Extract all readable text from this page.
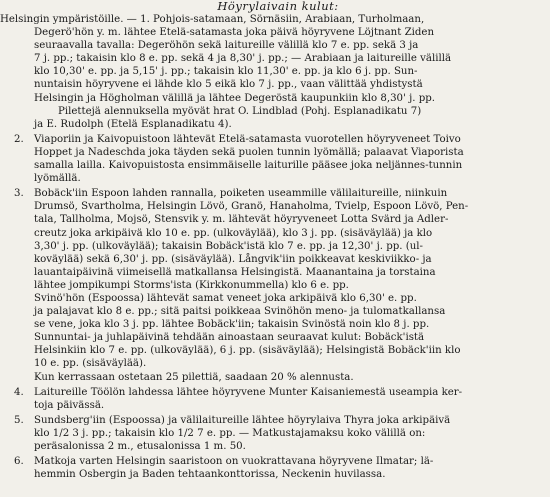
Höyrylaivain kulut:
Helsingin ympäristöille. — 1. Pohjois-satamaan, Sörnäsiin, Arabiaan, Turholmaan,
Degerö'hön y. m. lähtee Etelä-satamasta joka päivä höyryvene Löjtnant Ziden
seuraavalla tavalla: Degeröhön sekä laitureille välillä klo 7 e. pp. sekä 3 ja
7 j. pp.; takaisin klo 8 e. pp. sekä 4 ja 8,30' j. pp.; — Arabiaan ja laitureille välillä
klo 10,30' e. pp. ja 5,15' j. pp.; takaisin klo 11,30' e. pp. ja klo 6 j. pp. Sun-
nuntaisin höyryvene ei lähde klo 5 eikä klo 7 j. pp., vaan välittää yhdistystä
Helsingin ja Högholman välillä ja lähtee Degeröstä kaupunkiin klo 8,30' j. pp.
Pilettejä alennuksella myövät hrat O. Lindblad (Pohj. Esplanadikatu 7)
ja E. Rudolph (Etelä Esplanadikatu 4).
2. Viaporiin ja Kaivopuistoon lähtevät Etelä-satamasta vuorotellen höyryveneet Toivo
Hoppet ja Nadeschda joka täyden sekä puolen tunnin lyömällä; palaavat Viaporista
samalla lailla. Kaivopuistosta ensimmäiselle laiturille pääsee joka neljännes-tunnin
lyömällä.
3. Bobäck'iin Espoon lahden rannalla, poiketen useammille välilaitureille, niinkuin
Drumsö, Svartholma, Helsingin Lövö, Granö, Hanaholma, Tvielp, Espoon Lövö, Pen-
tala, Tallholma, Mojsö, Stensvik y. m. lähtevät höyryveneet Lotta Svärd ja Adler-
creutz joka arkipäivä klo 10 e. pp. (ulkoväylää), klo 3 j. pp. (sisäväylää) ja klo
3,30' j. pp. (ulkoväylää); takaisin Bobäck'istä klo 7 e. pp. ja 12,30' j. pp. (ul-
koväylää) sekä 6,30' j. pp. (sisäväylää). Långvik'iin poikkeavat keskiviikko- ja
lauantaipäivinä viimeisellä matkallansa Helsingistä. Maanantaina ja torstaina
lähtee jompikumpi Storms'ista (Kirkkonummella) klo 6 e. pp.
Svinö'hön (Espoossa) lähtevät samat veneet joka arkipäivä klo 6,30' e. pp.
ja palajavat klo 8 e. pp.; sitä paitsi poikkeaa Svinöhön meno- ja tulomatkallansa
se vene, joka klo 3 j. pp. lähtee Bobäck'iin; takaisin Svinöstä noin klo 8 j. pp.
Sunnuntai- ja juhlapäivinä tehdään ainoastaan seuraavat kulut: Bobäck'istä
Helsinkiin klo 7 e. pp. (ulkoväylää), 6 j. pp. (sisäväylää); Helsingistä Bobäck'iin klo
10 e. pp. (sisäväylää).
Kun kerrassaan ostetaan 25 pilettiä, saadaan 20 % alennusta.
4. Laitureille Töölön lahdessa lähtee höyryvene Munter Kaisaniemestä useampia ker-
toja päivässä.
5. Sundsberg'iin (Espoossa) ja välilaitureille lähtee höyrylaiva Thyra joka arkipäivä
klo 1/2 3 j. pp.; takaisin klo 1/2 7 e. pp. — Matkustajamaksu koko välillä on:
peräsalonissa 2 m., etusalonissa 1 m. 50.
6. Matkoja varten Helsingin saaristoon on vuokrattavana höyryvene Ilmatar; lä-
hemmin Osbergin ja Baden tehtaankonttorissa, Neckenin huvilassa.
